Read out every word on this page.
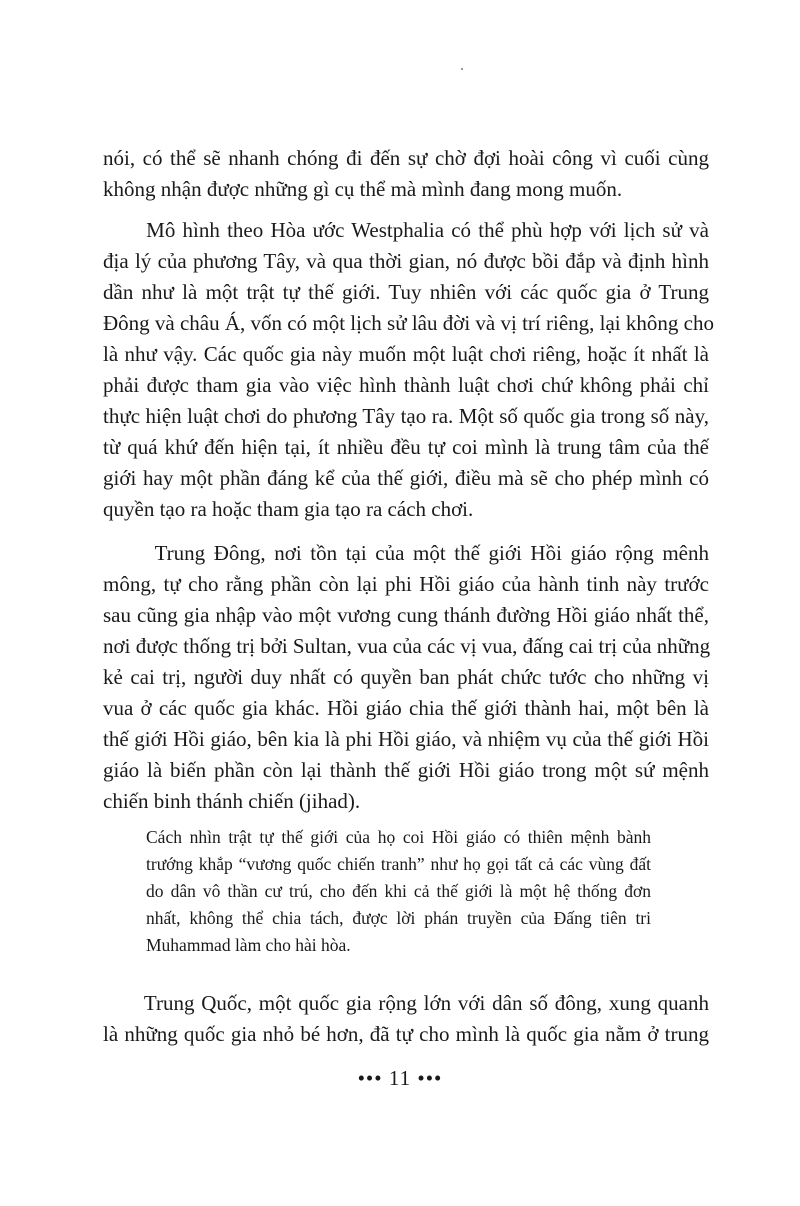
nói, có thể sẽ nhanh chóng đi đến sự chờ đợi hoài công vì cuối cùng
không nhận được những gì cụ thể mà mình đang mong muốn.
Mô hình theo Hòa ước Westphalia có thể phù hợp với lịch sử và
địa lý của phương Tây, và qua thời gian, nó được bồi đắp và định hình
dần như là một trật tự thế giới. Tuy nhiên với các quốc gia ở Trung
Đông và châu Á, vốn có một lịch sử lâu đời và vị trí riêng, lại không cho
là như vậy. Các quốc gia này muốn một luật chơi riêng, hoặc ít nhất là
phải được tham gia vào việc hình thành luật chơi chứ không phải chỉ
thực hiện luật chơi do phương Tây tạo ra. Một số quốc gia trong số này,
từ quá khứ đến hiện tại, ít nhiều đều tự coi mình là trung tâm của thế
giới hay một phần đáng kể của thế giới, điều mà sẽ cho phép mình có
quyền tạo ra hoặc tham gia tạo ra cách chơi.
Trung Đông, nơi tồn tại của một thế giới Hồi giáo rộng mênh
mông, tự cho rằng phần còn lại phi Hồi giáo của hành tinh này trước
sau cũng gia nhập vào một vương cung thánh đường Hồi giáo nhất thể,
nơi được thống trị bởi Sultan, vua của các vị vua, đấng cai trị của những
kẻ cai trị, người duy nhất có quyền ban phát chức tước cho những vị
vua ở các quốc gia khác. Hồi giáo chia thế giới thành hai, một bên là
thế giới Hồi giáo, bên kia là phi Hồi giáo, và nhiệm vụ của thế giới Hồi
giáo là biến phần còn lại thành thế giới Hồi giáo trong một sứ mệnh
chiến binh thánh chiến (jihad).
Cách nhìn trật tự thế giới của họ coi Hồi giáo có thiên mệnh bành
trướng khắp “vương quốc chiến tranh” như họ gọi tất cả các vùng đất
do dân vô thần cư trú, cho đến khi cả thế giới là một hệ thống đơn
nhất, không thể chia tách, được lời phán truyền của Đấng tiên tri
Muhammad làm cho hài hòa.
Trung Quốc, một quốc gia rộng lớn với dân số đông, xung quanh
là những quốc gia nhỏ bé hơn, đã tự cho mình là quốc gia nằm ở trung
••• 11 •••
